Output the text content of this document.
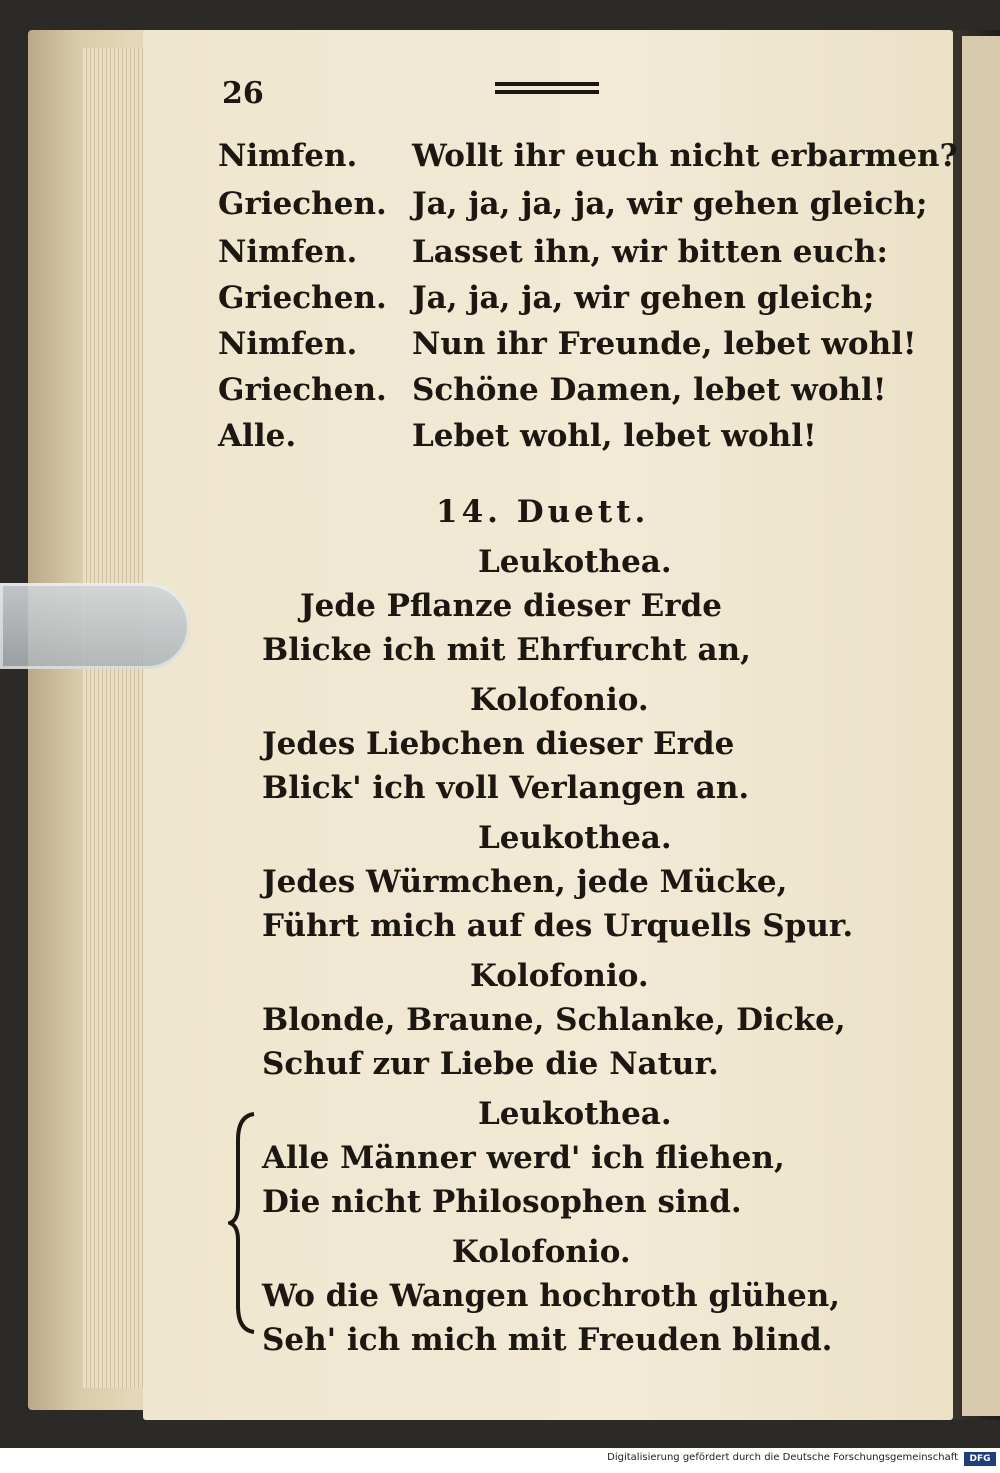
26
Nimfen. Wollt ihr euch nicht erbarmen?
Griechen. Ja, ja, ja, ja, wir gehen gleich;
Nimfen. Lasset ihn, wir bitten euch:
Griechen. Ja, ja, ja, wir gehen gleich;
Nimfen. Nun ihr Freunde, lebet wohl!
Griechen. Schöne Damen, lebet wohl!
Alle.	Lebet wohl, lebet wohl!
14. Duett.
Leukothea.
Jede Pflanze dieser Erde
Blicke ich mit Ehrfurcht an,
Kolofonio.
Jedes Liebchen dieser Erde
Blick' ich voll Verlangen an.
Leukothea.
Jedes Würmchen, jede Mücke,
Führt mich auf des Urquells Spur.
Kolofonio.
Blonde, Braune, Schlanke, Dicke,
Schuf zur Liebe die Natur.
Leukothea.
Alle Männer werd' ich fliehen,
Die nicht Philosophen sind.
Kolofonio.
Wo die Wangen hochroth glühen,
Seh' ich mich mit Freuden blind.
Digitalisierung gefördert durch die Deutsche Forschungsgemeinschaft	DFG
